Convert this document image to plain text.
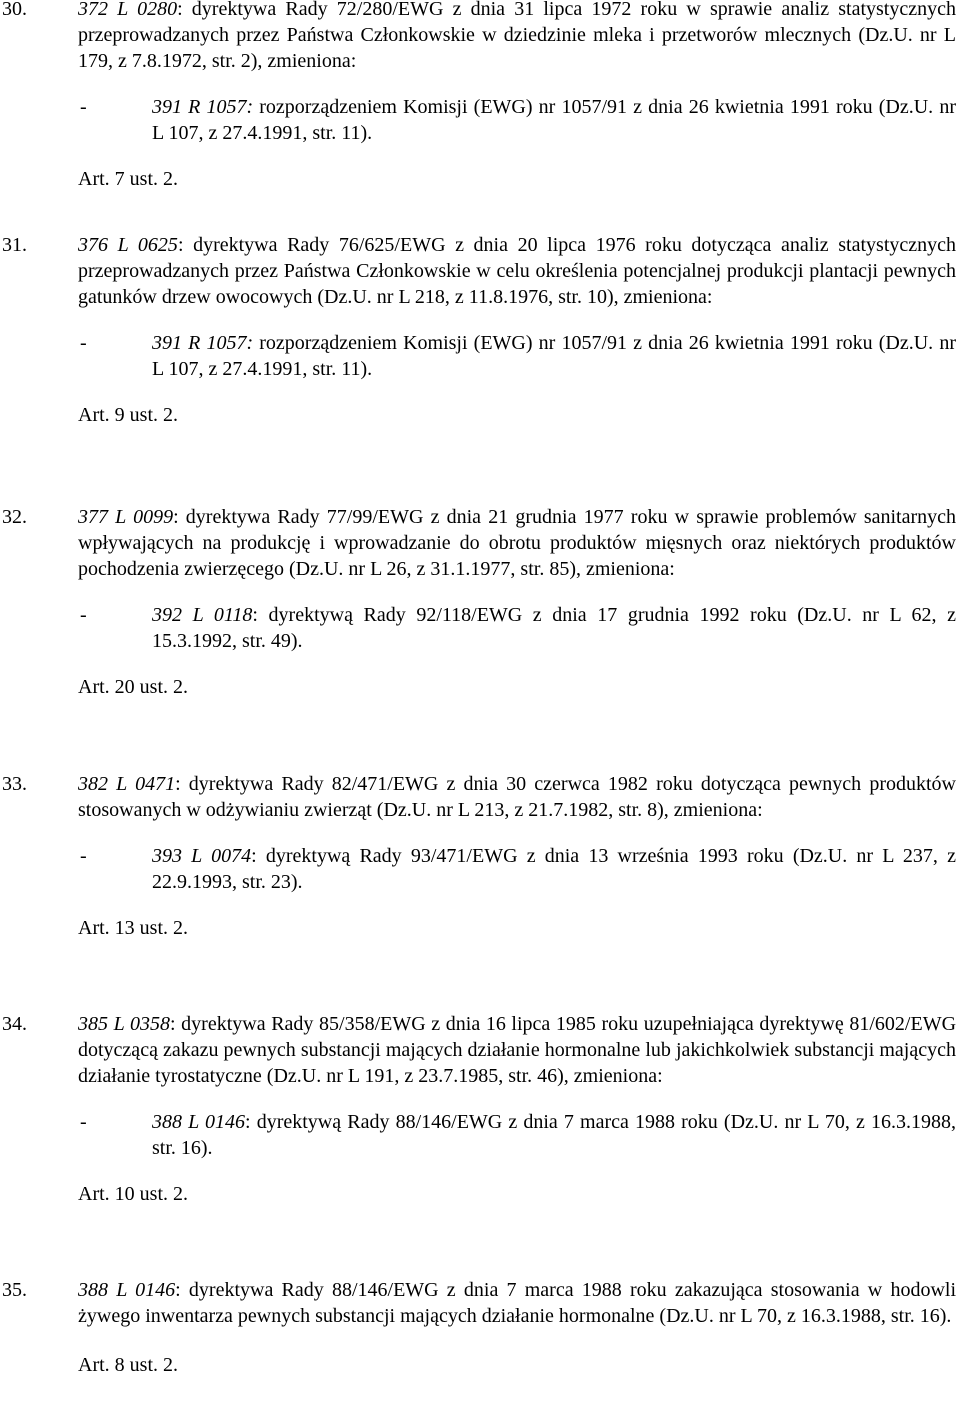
30.	372 L 0280: dyrektywa Rady 72/280/EWG z dnia 31 lipca 1972 roku w sprawie analiz statystycznych przeprowadzanych przez Państwa Członkowskie w dziedzinie mleka i przetworów mlecznych (Dz.U. nr L 179, z 7.8.1972, str. 2), zmieniona:
-	391 R 1057: rozporządzeniem Komisji (EWG) nr 1057/91 z dnia 26 kwietnia 1991 roku (Dz.U. nr L 107, z 27.4.1991, str. 11).
Art. 7 ust. 2.
31.	376 L 0625: dyrektywa Rady 76/625/EWG z dnia 20 lipca 1976 roku dotycząca analiz statystycznych przeprowadzanych przez Państwa Członkowskie w celu określenia potencjalnej produkcji plantacji pewnych gatunków drzew owocowych (Dz.U. nr L 218, z 11.8.1976, str. 10), zmieniona:
-	391 R 1057: rozporządzeniem Komisji (EWG) nr 1057/91 z dnia 26 kwietnia 1991 roku (Dz.U. nr L 107, z 27.4.1991, str. 11).
Art. 9 ust. 2.
32.	377 L 0099: dyrektywa Rady 77/99/EWG z dnia 21 grudnia 1977 roku w sprawie problemów sanitarnych wpływających na produkcję i wprowadzanie do obrotu produktów mięsnych oraz niektórych produktów pochodzenia zwierzęcego (Dz.U. nr L 26, z 31.1.1977, str. 85), zmieniona:
-	392 L 0118: dyrektywą Rady 92/118/EWG z dnia 17 grudnia 1992 roku (Dz.U. nr L 62, z 15.3.1992, str. 49).
Art. 20 ust. 2.
33.	382 L 0471: dyrektywa Rady 82/471/EWG z dnia 30 czerwca 1982 roku dotycząca pewnych produktów stosowanych w odżywianiu zwierząt (Dz.U. nr L 213, z 21.7.1982, str. 8), zmieniona:
-	393 L 0074: dyrektywą Rady 93/471/EWG z dnia 13 września 1993 roku (Dz.U. nr L 237, z 22.9.1993, str. 23).
Art. 13 ust. 2.
34.	385 L 0358: dyrektywa Rady 85/358/EWG z dnia 16 lipca 1985 roku uzupełniająca dyrektywę 81/602/EWG dotyczącą zakazu pewnych substancji mających działanie hormonalne lub jakichkolwiek substancji mających działanie tyrostatyczne (Dz.U. nr L 191, z 23.7.1985, str. 46), zmieniona:
-	388 L 0146: dyrektywą Rady 88/146/EWG z dnia 7 marca 1988 roku (Dz.U. nr L 70, z 16.3.1988, str. 16).
Art. 10 ust. 2.
35.	388 L 0146: dyrektywa Rady 88/146/EWG z dnia 7 marca 1988 roku zakazująca stosowania w hodowli żywego inwentarza pewnych substancji mających działanie hormonalne (Dz.U. nr L 70, z 16.3.1988, str. 16).
Art. 8 ust. 2.
